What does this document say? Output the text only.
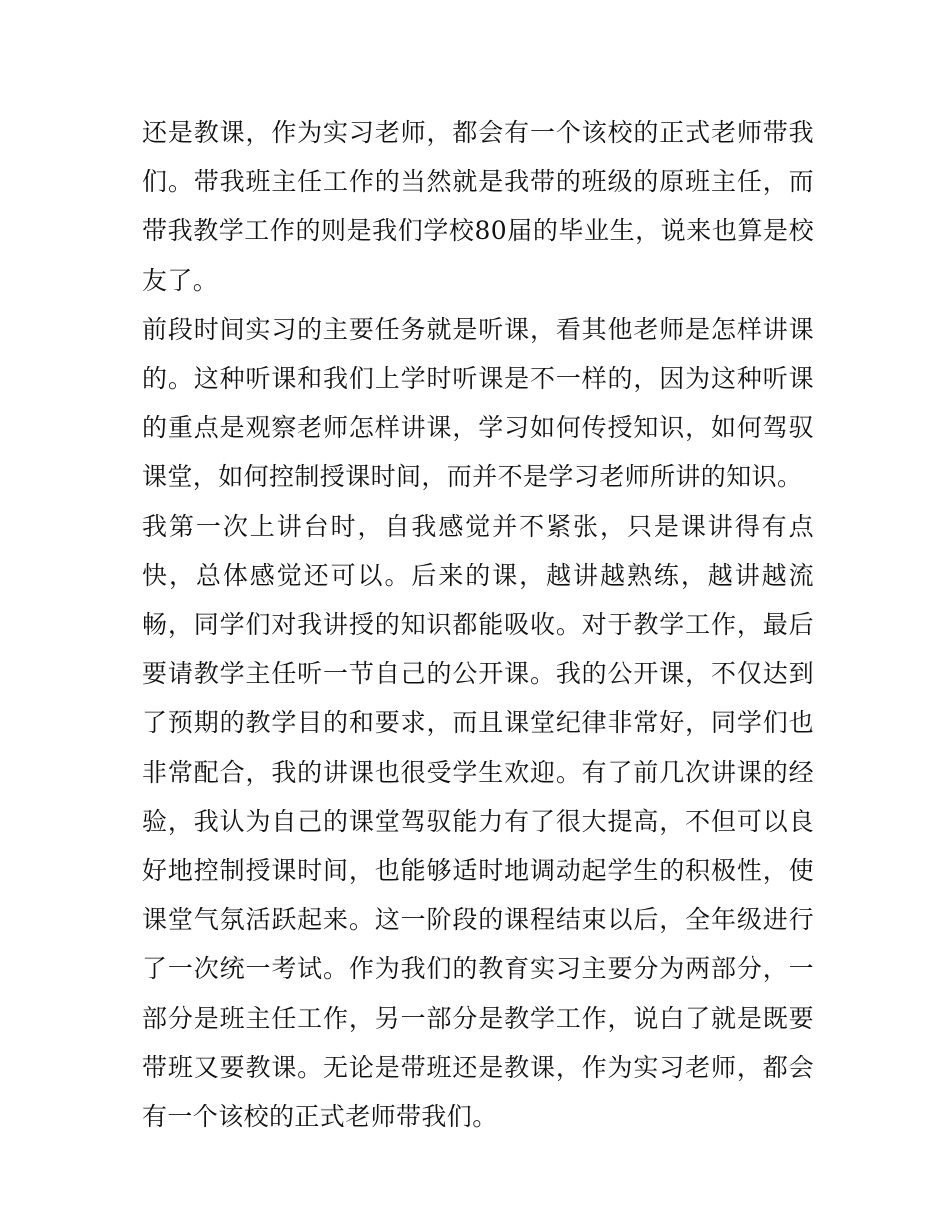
还是教课，作为实习老师，都会有一个该校的正式老师带我们。带我班主任工作的当然就是我带的班级的原班主任，而带我教学工作的则是我们学校80届的毕业生，说来也算是校友了。

前段时间实习的主要任务就是听课，看其他老师是怎样讲课的。这种听课和我们上学时听课是不一样的，因为这种听课的重点是观察老师怎样讲课，学习如何传授知识，如何驾驭课堂，如何控制授课时间，而并不是学习老师所讲的知识。

我第一次上讲台时，自我感觉并不紧张，只是课讲得有点快，总体感觉还可以。后来的课，越讲越熟练，越讲越流畅，同学们对我讲授的知识都能吸收。对于教学工作，最后要请教学主任听一节自己的公开课。我的公开课，不仅达到了预期的教学目的和要求，而且课堂纪律非常好，同学们也非常配合，我的讲课也很受学生欢迎。有了前几次讲课的经验，我认为自己的课堂驾驭能力有了很大提高，不但可以良好地控制授课时间，也能够适时地调动起学生的积极性，使课堂气氛活跃起来。这一阶段的课程结束以后，全年级进行了一次统一考试。作为我们的教育实习主要分为两部分，一部分是班主任工作，另一部分是教学工作，说白了就是既要带班又要教课。无论是带班还是教课，作为实习老师，都会有一个该校的正式老师带我们。
